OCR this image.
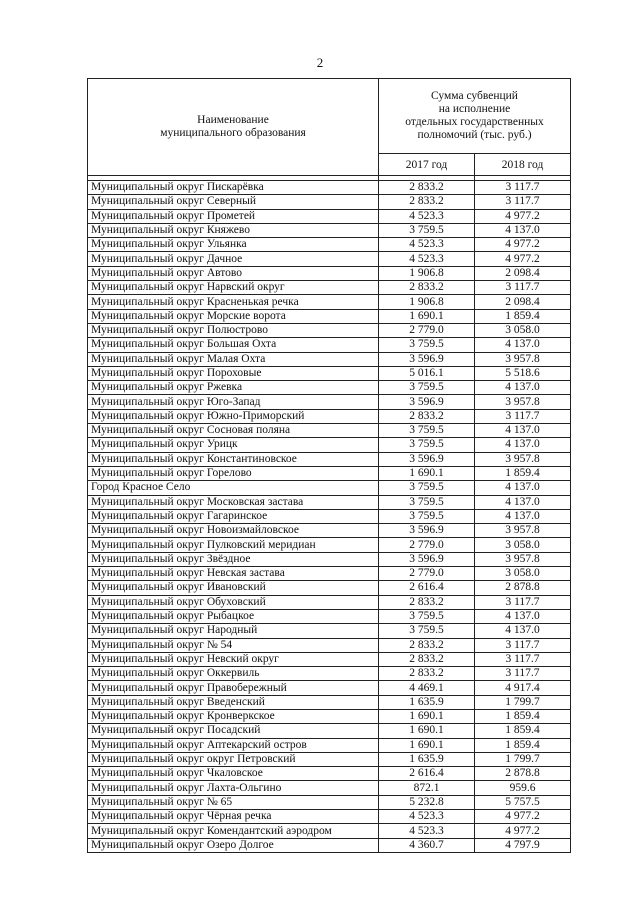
2
Наименование
муниципального образования	Сумма субвенций
на исполнение
отдельных государственных
полномочий (тыс. руб.)	
	2017 год	2018 год

Муниципальный округ Пискарёвка	2 833.2	3 117.7
Муниципальный округ Северный	2 833.2	3 117.7
Муниципальный округ Прометей	4 523.3	4 977.2
Муниципальный округ Княжево	3 759.5	4 137.0
Муниципальный округ Ульянка	4 523.3	4 977.2
Муниципальный округ Дачное	4 523.3	4 977.2
Муниципальный округ Автово	1 906.8	2 098.4
Муниципальный округ Нарвский округ	2 833.2	3 117.7
Муниципальный округ Красненькая речка	1 906.8	2 098.4
Муниципальный округ Морские ворота	1 690.1	1 859.4
Муниципальный округ Полюстрово	2 779.0	3 058.0
Муниципальный округ Большая Охта	3 759.5	4 137.0
Муниципальный округ Малая Охта	3 596.9	3 957.8
Муниципальный округ Пороховые	5 016.1	5 518.6
Муниципальный округ Ржевка	3 759.5	4 137.0
Муниципальный округ Юго-Запад	3 596.9	3 957.8
Муниципальный округ Южно-Приморский	2 833.2	3 117.7
Муниципальный округ Сосновая поляна	3 759.5	4 137.0
Муниципальный округ Урицк	3 759.5	4 137.0
Муниципальный округ Константиновское	3 596.9	3 957.8
Муниципальный округ Горелово	1 690.1	1 859.4
Город Красное Село	3 759.5	4 137.0
Муниципальный округ Московская застава	3 759.5	4 137.0
Муниципальный округ Гагаринское	3 759.5	4 137.0
Муниципальный округ Новоизмайловское	3 596.9	3 957.8
Муниципальный округ Пулковский меридиан	2 779.0	3 058.0
Муниципальный округ Звёздное	3 596.9	3 957.8
Муниципальный округ Невская застава	2 779.0	3 058.0
Муниципальный округ Ивановский	2 616.4	2 878.8
Муниципальный округ Обуховский	2 833.2	3 117.7
Муниципальный округ Рыбацкое	3 759.5	4 137.0
Муниципальный округ Народный	3 759.5	4 137.0
Муниципальный округ № 54	2 833.2	3 117.7
Муниципальный округ Невский округ	2 833.2	3 117.7
Муниципальный округ Оккервиль	2 833.2	3 117.7
Муниципальный округ Правобережный	4 469.1	4 917.4
Муниципальный округ Введенский	1 635.9	1 799.7
Муниципальный округ Кронверкское	1 690.1	1 859.4
Муниципальный округ Посадский	1 690.1	1 859.4
Муниципальный округ Аптекарский остров	1 690.1	1 859.4
Муниципальный округ округ Петровский	1 635.9	1 799.7
Муниципальный округ Чкаловское	2 616.4	2 878.8
Муниципальный округ Лахта-Ольгино	872.1	959.6
Муниципальный округ № 65	5 232.8	5 757.5
Муниципальный округ Чёрная речка	4 523.3	4 977.2
Муниципальный округ Комендантский аэродром	4 523.3	4 977.2
Муниципальный округ Озеро Долгое	4 360.7	4 797.9
